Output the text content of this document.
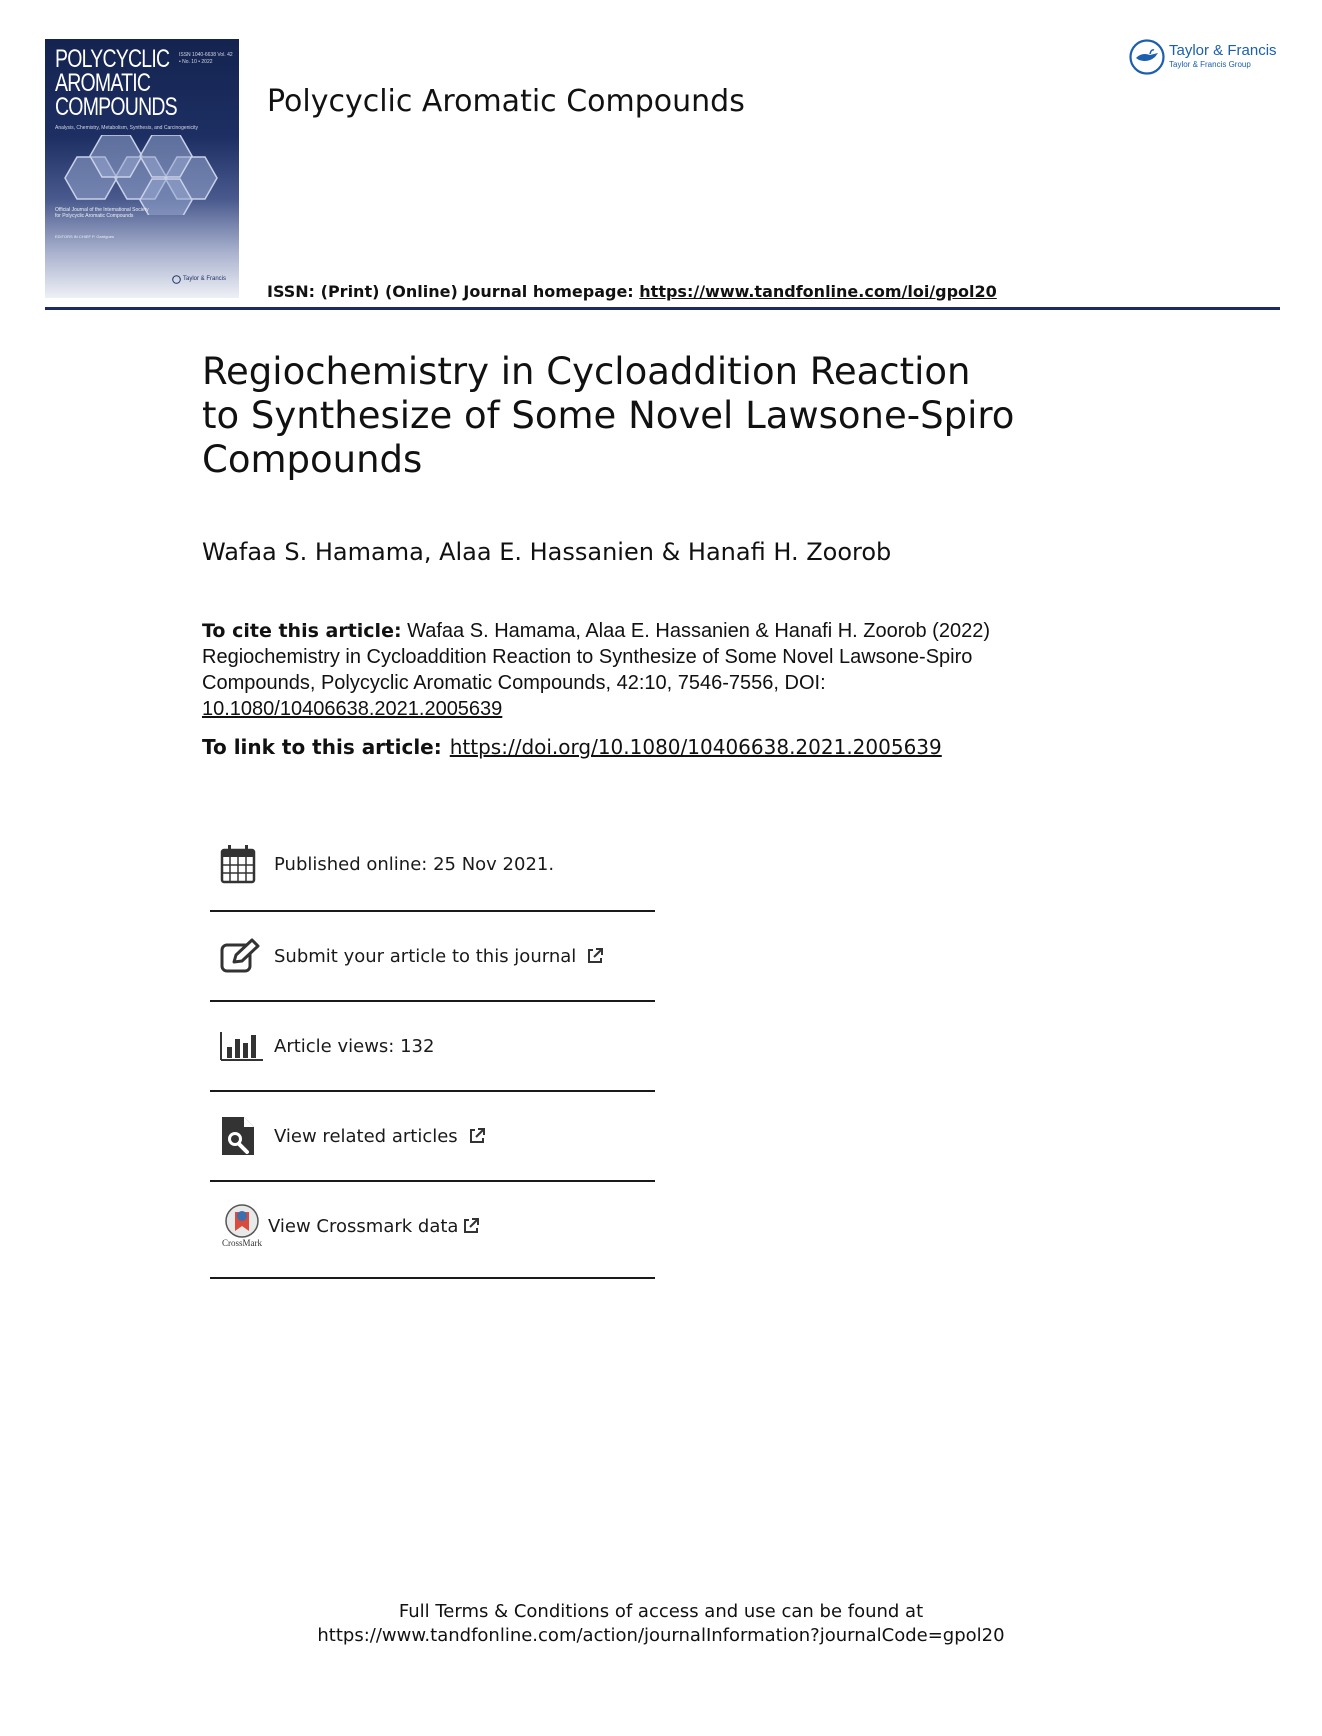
POLYCYCLIC AROMATIC COMPOUNDS
ISSN 1040-6638 Vol. 42 • No. 10 • 2022
Analysis, Chemistry, Metabolism, Synthesis, and Carcinogenicity
Official Journal of the International Society for Polycyclic Aromatic Compounds
EDITORS IN CHIEF P. Garrigues
Taylor & Francis
Polycyclic Aromatic Compounds
ISSN: (Print) (Online) Journal homepage: https://www.tandfonline.com/loi/gpol20
Taylor & Francis
Taylor & Francis Group
Regiochemistry in Cycloaddition Reaction
to Synthesize of Some Novel Lawsone-Spiro
Compounds
Wafaa S. Hamama, Alaa E. Hassanien & Hanafi H. Zoorob
To cite this article: Wafaa S. Hamama, Alaa E. Hassanien & Hanafi H. Zoorob (2022) Regiochemistry in Cycloaddition Reaction to Synthesize of Some Novel Lawsone-Spiro Compounds, Polycyclic Aromatic Compounds, 42:10, 7546-7556, DOI: 10.1080/10406638.2021.2005639
To link to this article: https://doi.org/10.1080/10406638.2021.2005639
Published online: 25 Nov 2021.
Submit your article to this journal
Article views: 132
View related articles
CrossMark
View Crossmark data
Full Terms & Conditions of access and use can be found at
https://www.tandfonline.com/action/journalInformation?journalCode=gpol20
